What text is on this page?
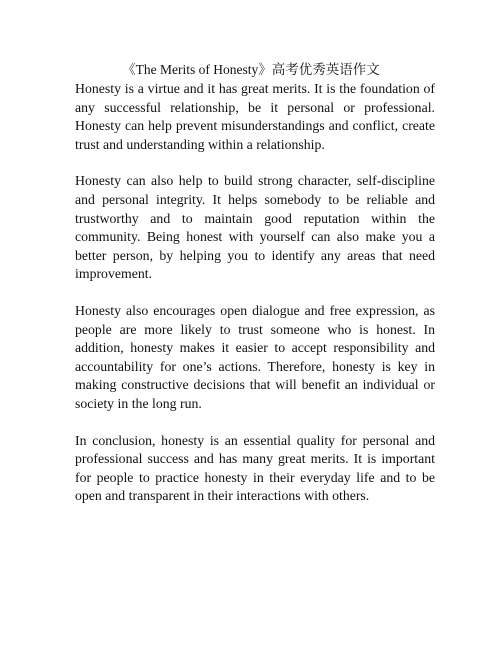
《The Merits of Honesty》高考优秀英语作文

Honesty is a virtue and it has great merits. It is the foundation of any successful relationship, be it personal or professional. Honesty can help prevent misunderstandings and conflict, create trust and understanding within a relationship.

Honesty can also help to build strong character, self-discipline and personal integrity. It helps somebody to be reliable and trustworthy and to maintain good reputation within the community. Being honest with yourself can also make you a better person, by helping you to identify any areas that need improvement.

Honesty also encourages open dialogue and free expression, as people are more likely to trust someone who is honest. In addition, honesty makes it easier to accept responsibility and accountability for one’s actions. Therefore, honesty is key in making constructive decisions that will benefit an individual or society in the long run.

In conclusion, honesty is an essential quality for personal and professional success and has many great merits. It is important for people to practice honesty in their everyday life and to be open and transparent in their interactions with others.
